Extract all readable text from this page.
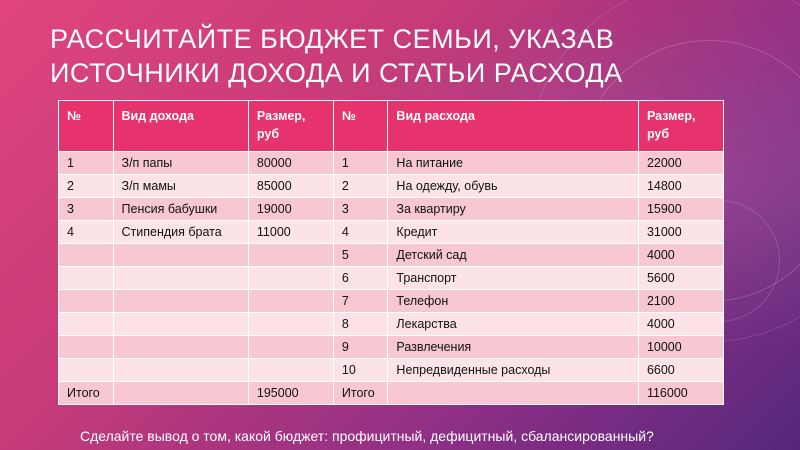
РАССЧИТАЙТЕ БЮДЖЕТ СЕМЬИ, УКАЗАВ ИСТОЧНИКИ ДОХОДА И СТАТЬИ РАСХОДА
№	Вид дохода	Размер, руб	№	Вид расхода	Размер, руб
1	З/п папы	80000	1	На питание	22000
2	З/п мамы	85000	2	На одежду, обувь	14800
3	Пенсия бабушки	19000	3	За квартиру	15900
4	Стипендия брата	11000	4	Кредит	31000
			5	Детский сад	4000
			6	Транспорт	5600
			7	Телефон	2100
			8	Лекарства	4000
			9	Развлечения	10000
			10	Непредвиденные расходы	6600
Итого		195000	Итого		116000

Сделайте вывод о том, какой бюджет: профицитный, дефицитный, сбалансированный?
